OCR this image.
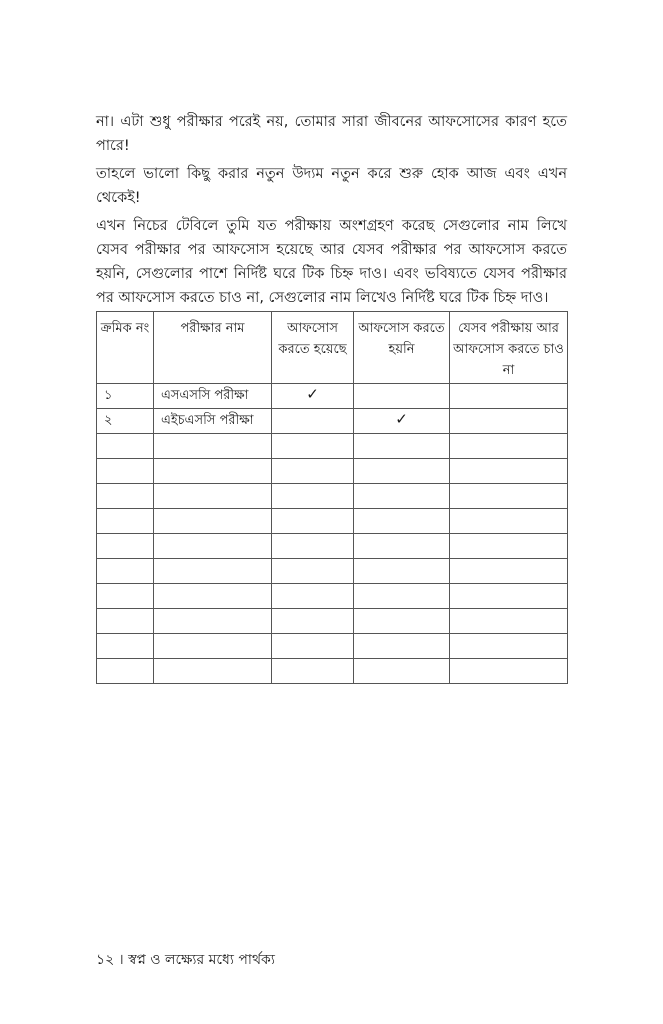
না। এটা শুধু পরীক্ষার পরেই নয়, তোমার সারা জীবনের আফসোসের কারণ হতে পারে!

তাহলে ভালো কিছু করার নতুন উদ্যম নতুন করে শুরু হোক আজ এবং এখন থেকেই!

এখন নিচের টেবিলে তুমি যত পরীক্ষায় অংশগ্রহণ করেছ সেগুলোর নাম লিখে যেসব পরীক্ষার পর আফসোস হয়েছে আর যেসব পরীক্ষার পর আফসোস করতে হয়নি, সেগুলোর পাশে নির্দিষ্ট ঘরে টিক চিহ্ন দাও। এবং ভবিষ্যতে যেসব পরীক্ষার পর আফসোস করতে চাও না, সেগুলোর নাম লিখেও নির্দিষ্ট ঘরে টিক চিহ্ন দাও।

ক্রমিক নং	পরীক্ষার নাম	আফসোস করতে হয়েছে	আফসোস করতে হয়নি	যেসব পরীক্ষায় আর আফসোস করতে চাও না
১	এসএসসি পরীক্ষা	✓		
২	এইচএসসি পরীক্ষা		✓	

১২ । স্বপ্ন ও লক্ষ্যের মধ্যে পার্থক্য
